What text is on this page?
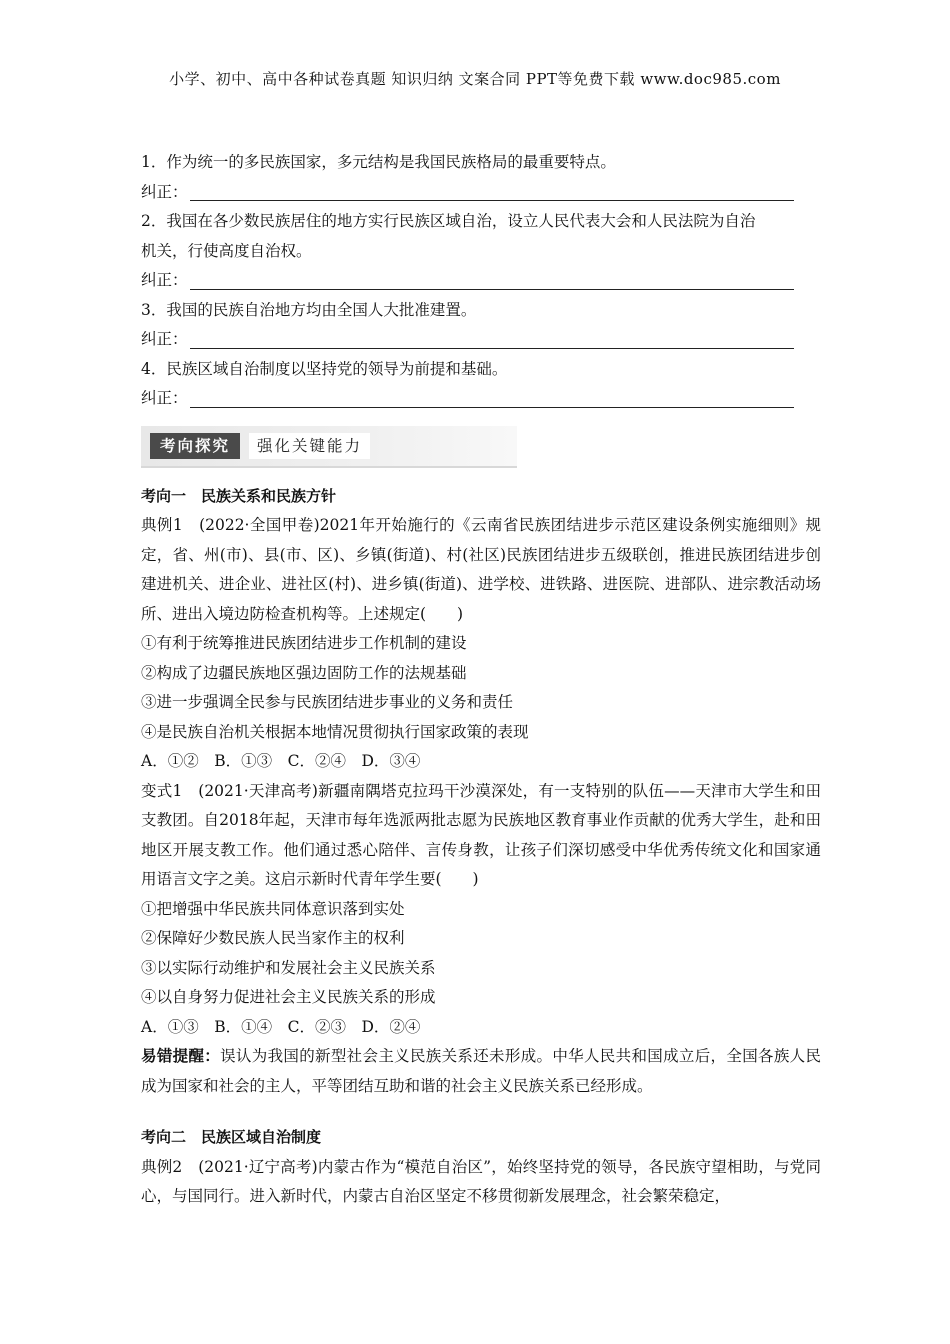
小学、初中、高中各种试卷真题 知识归纳 文案合同 PPT等免费下载 www.doc985.com
1．作为统一的多民族国家，多元结构是我国民族格局的最重要特点。
纠正：
2．我国在各少数民族居住的地方实行民族区域自治，设立人民代表大会和人民法院为自治
机关，行使高度自治权。
纠正：
3．我国的民族自治地方均由全国人大批准建置。
纠正：
4．民族区域自治制度以坚持党的领导为前提和基础。
纠正：
考向探究	强化关键能力
考向一　民族关系和民族方针
典例1　(2022·全国甲卷)2021年开始施行的《云南省民族团结进步示范区建设条例实施细则》规定，省、州(市)、县(市、区)、乡镇(街道)、村(社区)民族团结进步五级联创，推进民族团结进步创建进机关、进企业、进社区(村)、进乡镇(街道)、进学校、进铁路、进医院、进部队、进宗教活动场所、进出入境边防检查机构等。上述规定(　　)
①有利于统筹推进民族团结进步工作机制的建设
②构成了边疆民族地区强边固防工作的法规基础
③进一步强调全民参与民族团结进步事业的义务和责任
④是民族自治机关根据本地情况贯彻执行国家政策的表现
A．①②　B．①③　C．②④　D．③④
变式1　(2021·天津高考)新疆南隅塔克拉玛干沙漠深处，有一支特别的队伍——天津市大学生和田支教团。自2018年起，天津市每年选派两批志愿为民族地区教育事业作贡献的优秀大学生，赴和田地区开展支教工作。他们通过悉心陪伴、言传身教，让孩子们深切感受中华优秀传统文化和国家通用语言文字之美。这启示新时代青年学生要(　　)
①把增强中华民族共同体意识落到实处
②保障好少数民族人民当家作主的权利
③以实际行动维护和发展社会主义民族关系
④以自身努力促进社会主义民族关系的形成
A．①③　B．①④　C．②③　D．②④
易错提醒：误认为我国的新型社会主义民族关系还未形成。中华人民共和国成立后，全国各族人民成为国家和社会的主人，平等团结互助和谐的社会主义民族关系已经形成。
考向二　民族区域自治制度
典例2　(2021·辽宁高考)内蒙古作为“模范自治区”，始终坚持党的领导，各民族守望相助，与党同心，与国同行。进入新时代，内蒙古自治区坚定不移贯彻新发展理念，社会繁荣稳定，
